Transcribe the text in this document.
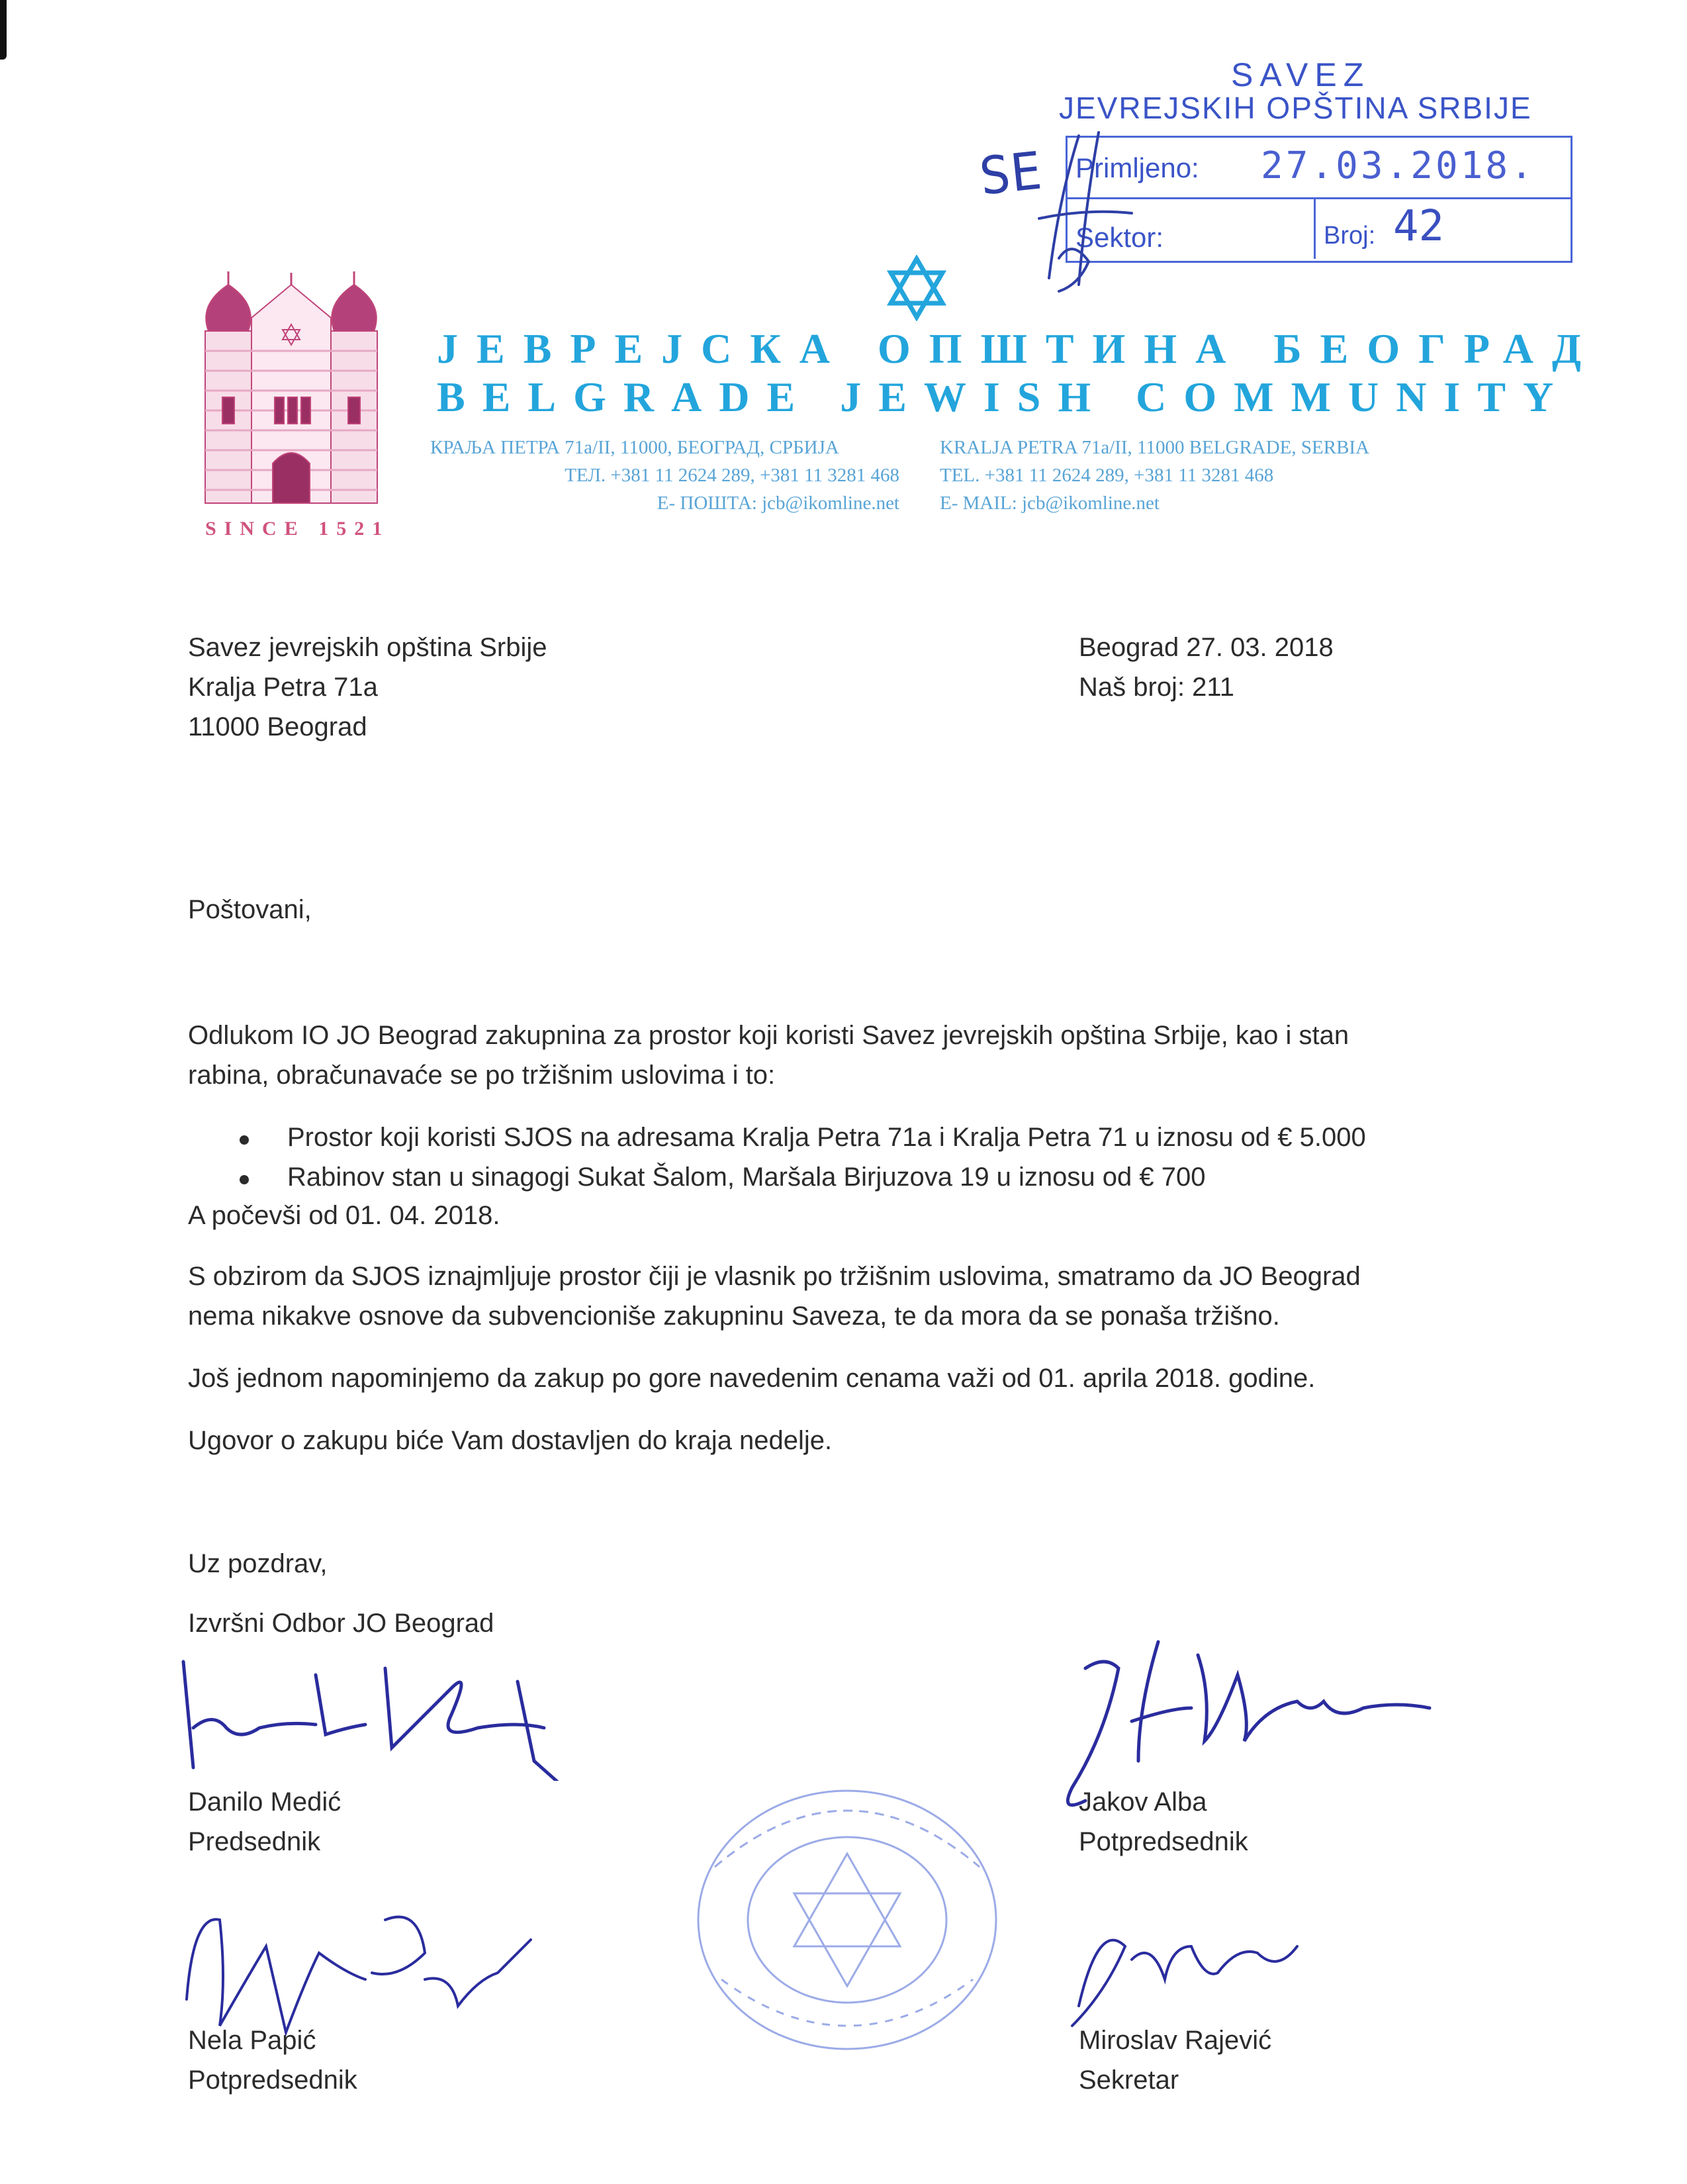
SAVEZ
JEVREJSKIH OPŠTINA SRBIJE
Primljeno: 27.03.2018.
Sektor:	Broj: 42
SE
SINCE 1521
ЈЕВРЕЈСКА ОПШТИНА БЕОГРАД
BELGRADE JEWISH COMMUNITY
КРАЉА ПЕТРА 71а/II, 11000, БЕОГРАД, СРБИЈА
ТЕЛ. +381 11 2624 289, +381 11 3281 468
Е- ПОШТА: jcb@ikomline.net
KRALJA PETRA 71a/II, 11000 BELGRADE, SERBIA
TEL. +381 11 2624 289, +381 11 3281 468
E- MAIL: jcb@ikomline.net
Savez jevrejskih opština Srbije
Kralja Petra 71a
11000 Beograd
Beograd 27. 03. 2018
Naš broj: 211
Poštovani,
Odlukom IO JO Beograd zakupnina za prostor koji koristi Savez jevrejskih opština Srbije, kao i stan
rabina, obračunavaće se po tržišnim uslovima i to:
Prostor koji koristi SJOS na adresama Kralja Petra 71a i Kralja Petra 71 u iznosu od € 5.000
Rabinov stan u sinagogi Sukat Šalom, Maršala Birjuzova 19 u iznosu od € 700
A počevši od 01. 04. 2018.
S obzirom da SJOS iznajmljuje prostor čiji je vlasnik po tržišnim uslovima, smatramo da JO Beograd
nema nikakve osnove da subvencioniše zakupninu Saveza, te da mora da se ponaša tržišno.
Još jednom napominjemo da zakup po gore navedenim cenama važi od 01. aprila 2018. godine.
Ugovor o zakupu biće Vam dostavljen do kraja nedelje.
Uz pozdrav,
Izvršni Odbor JO Beograd
Danilo Medić
Predsednik
Jakov Alba
Potpredsednik
Nela Papić
Potpredsednik
Miroslav Rajević
Sekretar
